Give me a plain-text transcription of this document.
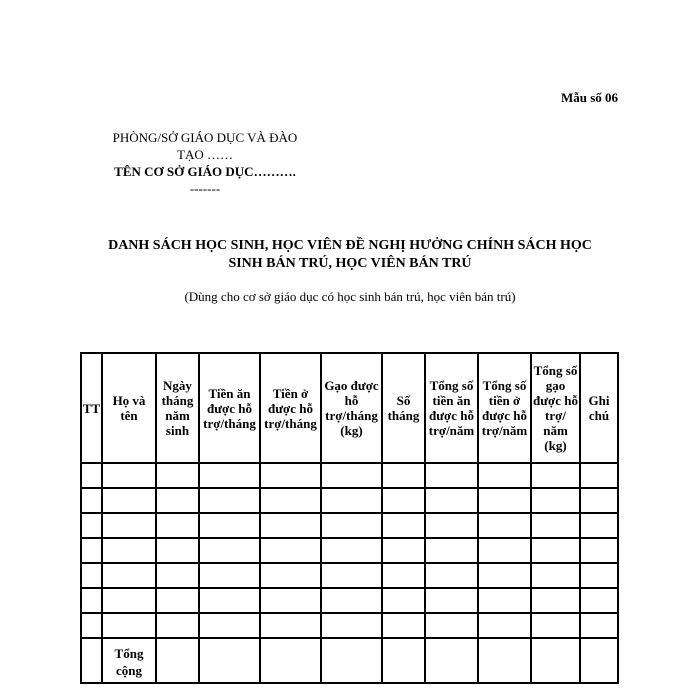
Mẫu số 06
PHÒNG/SỞ GIÁO DỤC VÀ ĐÀO
TẠO ……
TÊN CƠ SỞ GIÁO DỤC……….
-------
DANH SÁCH HỌC SINH, HỌC VIÊN ĐỀ NGHỊ HƯỞNG CHÍNH SÁCH HỌC
SINH BÁN TRÚ, HỌC VIÊN BÁN TRÚ
(Dùng cho cơ sở giáo dục có học sinh bán trú, học viên bán trú)
TT	Họ và tên	Ngày tháng năm sinh	Tiền ăn được hỗ trợ/tháng	Tiền ở được hỗ trợ/tháng	Gạo được hỗ trợ/tháng (kg)	Số tháng	Tổng số tiền ăn được hỗ trợ/năm	Tổng số tiền ở được hỗ trợ/năm	Tổng số gạo được hỗ trợ/ năm (kg)	Ghi chú

	Tổng cộng									
